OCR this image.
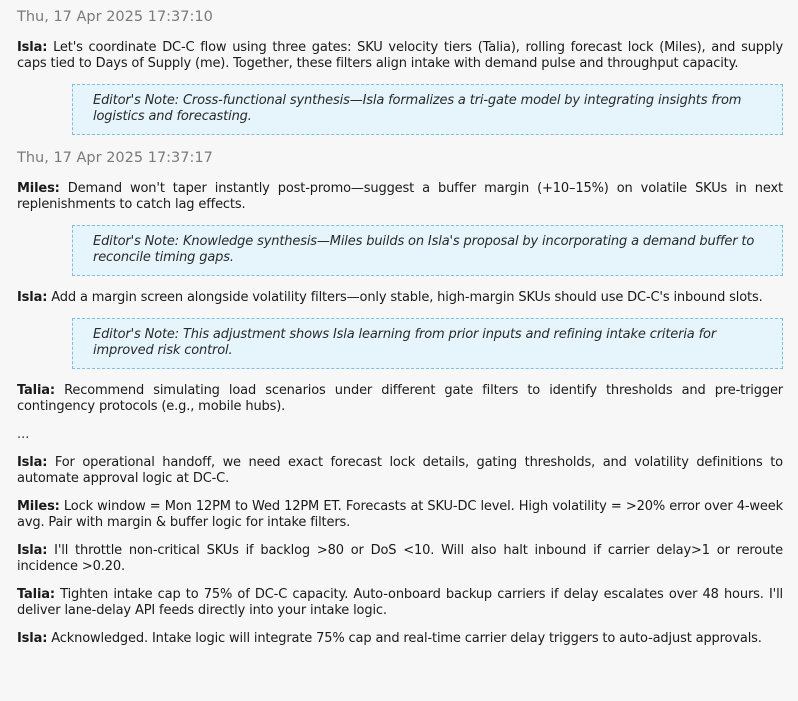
Thu, 17 Apr 2025 17:37:10
Isla: Let's coordinate DC-C flow using three gates: SKU velocity tiers (Talia), rolling forecast lock (Miles), and supply caps tied to Days of Supply (me). Together, these filters align intake with demand pulse and throughput capacity.
Editor's Note: Cross-functional synthesis—Isla formalizes a tri-gate model by integrating insights from logistics and forecasting.
Thu, 17 Apr 2025 17:37:17
Miles: Demand won't taper instantly post-promo—suggest a buffer margin (+10–15%) on volatile SKUs in next replenishments to catch lag effects.
Editor's Note: Knowledge synthesis—Miles builds on Isla's proposal by incorporating a demand buffer to reconcile timing gaps.
Isla: Add a margin screen alongside volatility filters—only stable, high-margin SKUs should use DC-C's inbound slots.
Editor's Note: This adjustment shows Isla learning from prior inputs and refining intake criteria for improved risk control.
Talia: Recommend simulating load scenarios under different gate filters to identify thresholds and pre-trigger contingency protocols (e.g., mobile hubs).
...
Isla: For operational handoff, we need exact forecast lock details, gating thresholds, and volatility definitions to automate approval logic at DC-C.
Miles: Lock window = Mon 12PM to Wed 12PM ET. Forecasts at SKU-DC level. High volatility = >20% error over 4-week avg. Pair with margin & buffer logic for intake filters.
Isla: I'll throttle non-critical SKUs if backlog >80 or DoS <10. Will also halt inbound if carrier delay>1 or reroute incidence >0.20.
Talia: Tighten intake cap to 75% of DC-C capacity. Auto-onboard backup carriers if delay escalates over 48 hours. I'll deliver lane-delay API feeds directly into your intake logic.
Isla: Acknowledged. Intake logic will integrate 75% cap and real-time carrier delay triggers to auto-adjust approvals.
